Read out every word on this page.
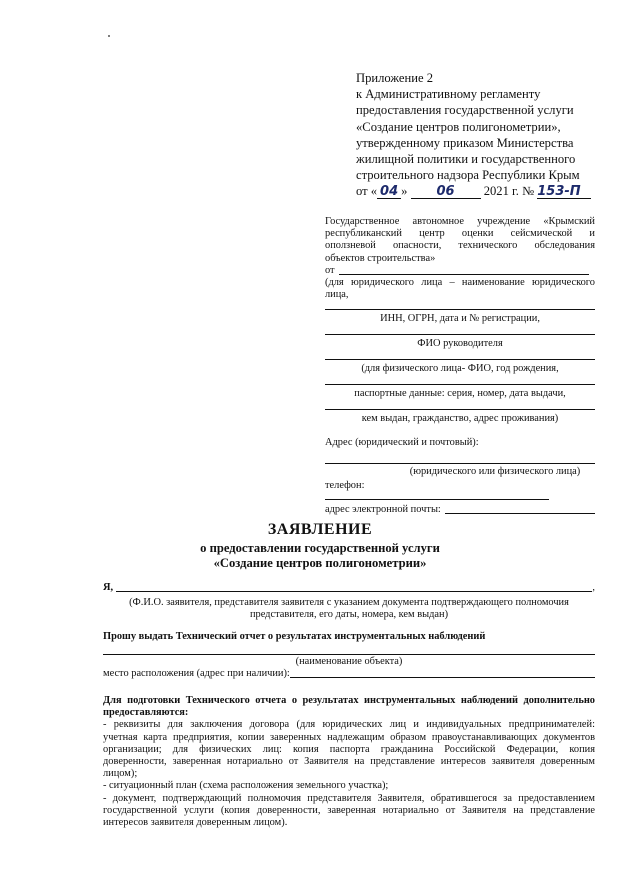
Приложение 2
к Административному регламенту
предоставления государственной услуги
«Создание центров полигонометрии»,
утвержденному приказом Министерства
жилищной политики и государственного
строительного надзора Республики Крым
от « 04 » 06 2021 г. № 153-П
Государственное автономное учреждение «Крымский
республиканский центр оценки сейсмической и
оползневой опасности, технического обследования
объектов строительства»
от
(для юридического лица – наименование юридического
лица,
ИНН, ОГРН, дата и № регистрации,
ФИО руководителя
(для физического лица- ФИО, год рождения,
паспортные данные: серия, номер, дата выдачи,
кем выдан, гражданство, адрес проживания)
Адрес (юридический и почтовый):
(юридического или физического лица)
телефон:
адрес электронной почты:
ЗАЯВЛЕНИЕ
о предоставлении государственной услуги
«Создание центров полигонометрии»
Я,	,
(Ф.И.О. заявителя, представителя заявителя с указанием документа подтверждающего полномочия
представителя, его даты, номера, кем выдан)
Прошу выдать Технический отчет о результатах инструментальных наблюдений
(наименование объекта)
место расположения (адрес при наличии):
Для подготовки Технического отчета о результатах инструментальных наблюдений дополнительно
предоставляются:
- реквизиты для заключения договора (для юридических лиц и индивидуальных предпринимателей:
учетная карта предприятия, копии заверенных надлежащим образом правоустанавливающих документов
организации; для физических лиц: копия паспорта гражданина Российской Федерации, копия
доверенности, заверенная нотариально от Заявителя на представление интересов заявителя доверенным
лицом);
- ситуационный план (схема расположения земельного участка);
- документ, подтверждающий полномочия представителя Заявителя, обратившегося за предоставлением
государственной услуги (копия доверенности, заверенная нотариально от Заявителя на представление
интересов заявителя доверенным лицом).
